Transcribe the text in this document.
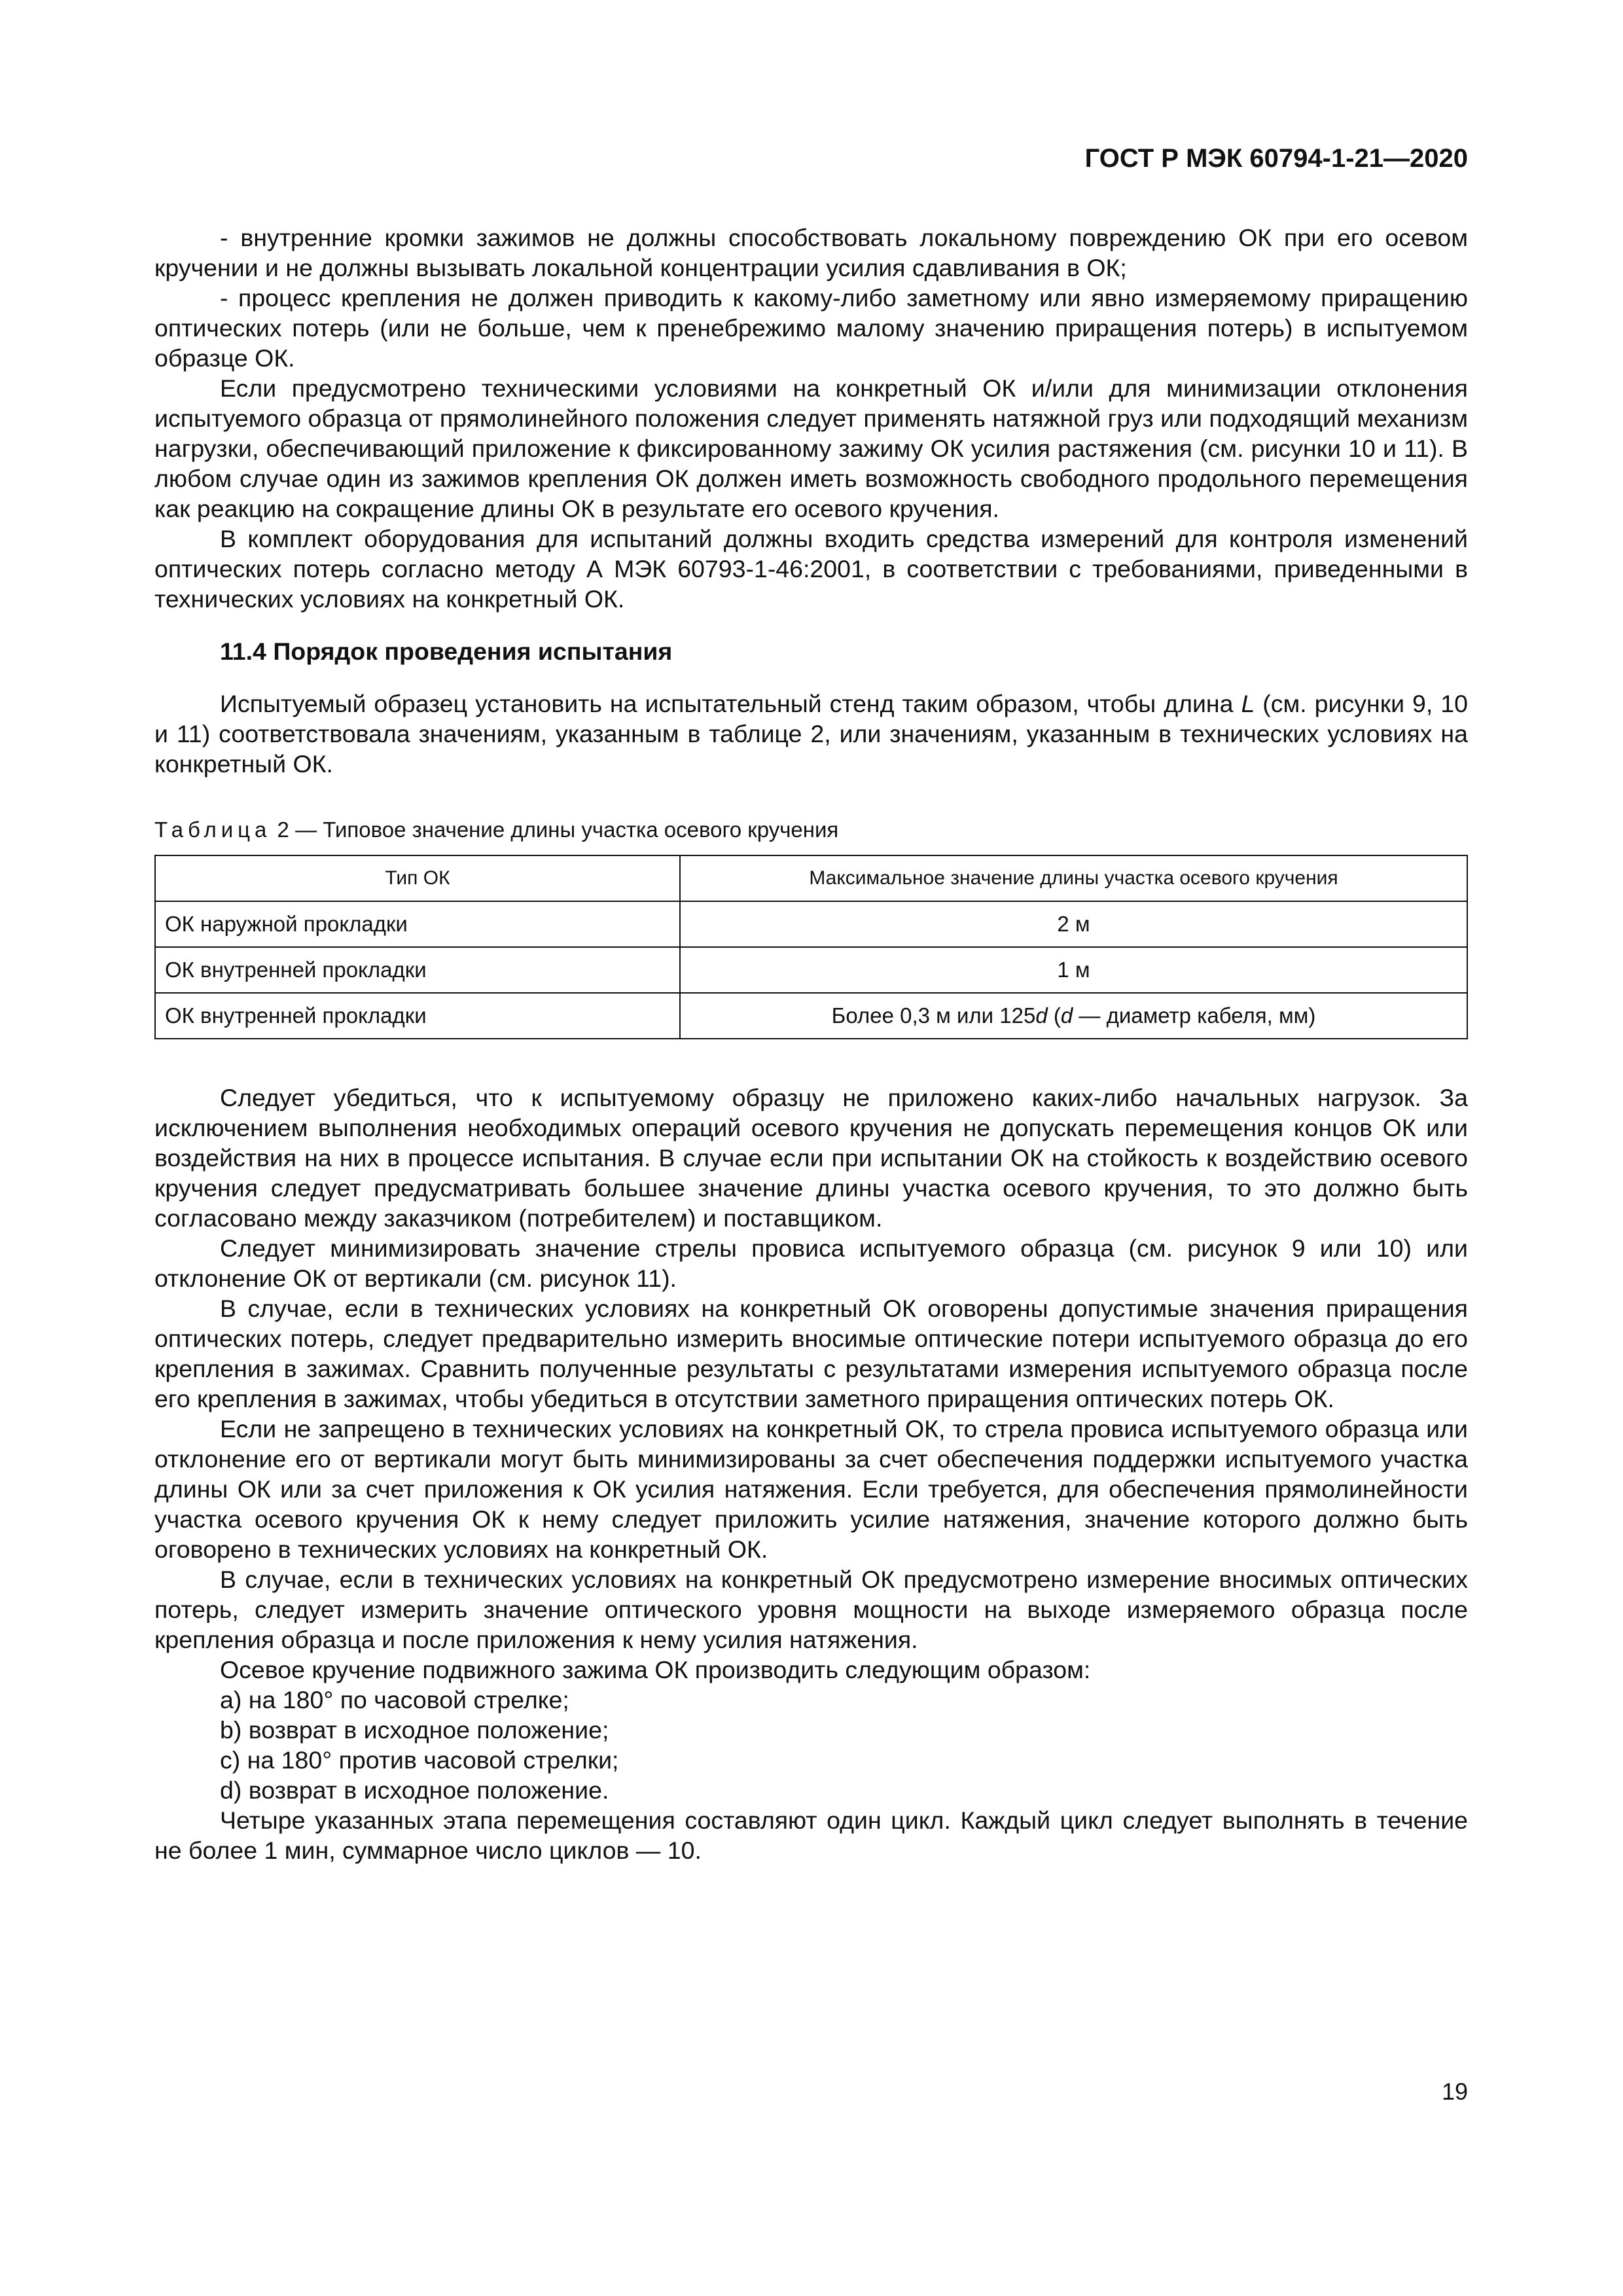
ГОСТ Р МЭК 60794-1-21—2020

- внутренние кромки зажимов не должны способствовать локальному повреждению ОК при его осевом кручении и не должны вызывать локальной концентрации усилия сдавливания в ОК;

- процесс крепления не должен приводить к какому-либо заметному или явно измеряемому приращению оптических потерь (или не больше, чем к пренебрежимо малому значению приращения потерь) в испытуемом образце ОК.

Если предусмотрено техническими условиями на конкретный ОК и/или для минимизации отклонения испытуемого образца от прямолинейного положения следует применять натяжной груз или подходящий механизм нагрузки, обеспечивающий приложение к фиксированному зажиму ОК усилия растяжения (см. рисунки 10 и 11). В любом случае один из зажимов крепления ОК должен иметь возможность свободного продольного перемещения как реакцию на сокращение длины ОК в результате его осевого кручения.

В комплект оборудования для испытаний должны входить средства измерений для контроля изменений оптических потерь согласно методу А МЭК 60793-1-46:2001, в соответствии с требованиями, приведенными в технических условиях на конкретный ОК.

11.4 Порядок проведения испытания

Испытуемый образец установить на испытательный стенд таким образом, чтобы длина L (см. рисунки 9, 10 и 11) соответствовала значениям, указанным в таблице 2, или значениям, указанным в технических условиях на конкретный ОК.

Таблица 2 — Типовое значение длины участка осевого кручения
Тип ОК	Максимальное значение длины участка осевого кручения
ОК наружной прокладки	2 м
ОК внутренней прокладки	1 м
ОК внутренней прокладки	Более 0,3 м или 125d (d — диаметр кабеля, мм)

Следует убедиться, что к испытуемому образцу не приложено каких-либо начальных нагрузок. За исключением выполнения необходимых операций осевого кручения не допускать перемещения концов ОК или воздействия на них в процессе испытания. В случае если при испытании ОК на стойкость к воздействию осевого кручения следует предусматривать большее значение длины участка осевого кручения, то это должно быть согласовано между заказчиком (потребителем) и поставщиком.

Следует минимизировать значение стрелы провиса испытуемого образца (см. рисунок 9 или 10) или отклонение ОК от вертикали (см. рисунок 11).

В случае, если в технических условиях на конкретный ОК оговорены допустимые значения приращения оптических потерь, следует предварительно измерить вносимые оптические потери испытуемого образца до его крепления в зажимах. Сравнить полученные результаты с результатами измерения испытуемого образца после его крепления в зажимах, чтобы убедиться в отсутствии заметного приращения оптических потерь ОК.

Если не запрещено в технических условиях на конкретный ОК, то стрела провиса испытуемого образца или отклонение его от вертикали могут быть минимизированы за счет обеспечения поддержки испытуемого участка длины ОК или за счет приложения к ОК усилия натяжения. Если требуется, для обеспечения прямолинейности участка осевого кручения ОК к нему следует приложить усилие натяжения, значение которого должно быть оговорено в технических условиях на конкретный ОК.

В случае, если в технических условиях на конкретный ОК предусмотрено измерение вносимых оптических потерь, следует измерить значение оптического уровня мощности на выходе измеряемого образца после крепления образца и после приложения к нему усилия натяжения.

Осевое кручение подвижного зажима ОК производить следующим образом:

a) на 180° по часовой стрелке;

b) возврат в исходное положение;

c) на 180° против часовой стрелки;

d) возврат в исходное положение.

Четыре указанных этапа перемещения составляют один цикл. Каждый цикл следует выполнять в течение не более 1 мин, суммарное число циклов — 10.

19
